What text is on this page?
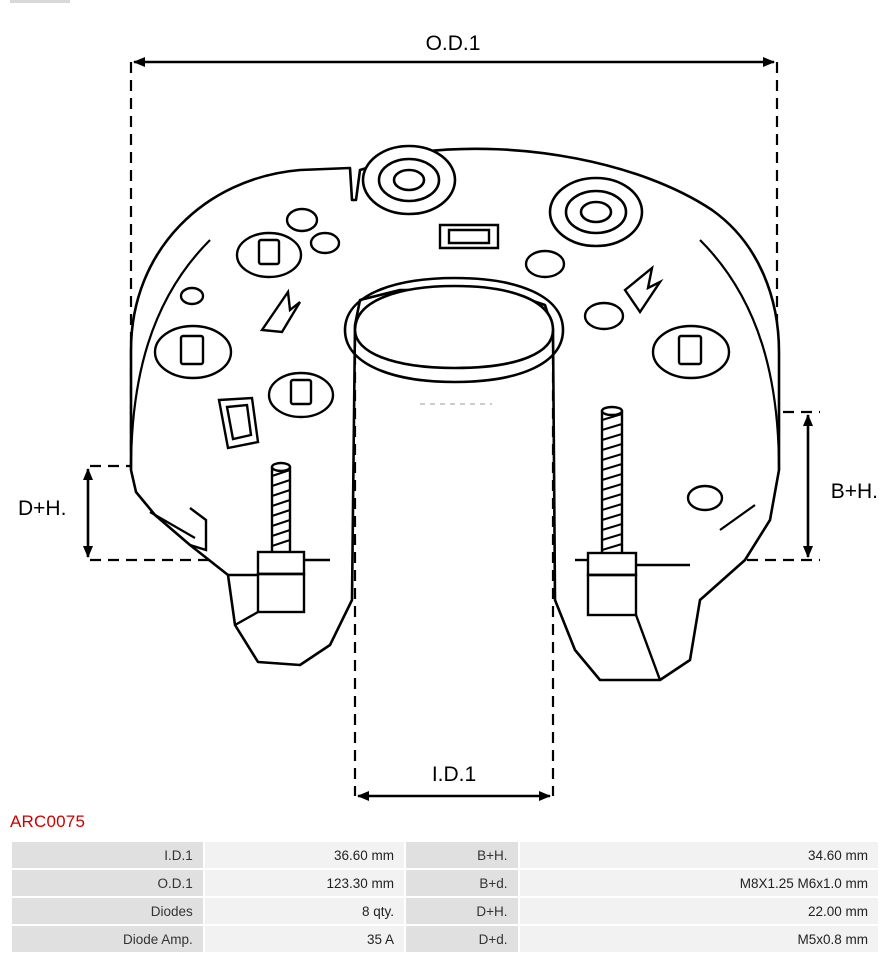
O.D.1
I.D.1
B+H.
D+H.
ARC0075
I.D.1	36.60 mm	B+H.	34.60 mm
O.D.1	123.30 mm	B+d.	M8X1.25 M6x1.0 mm
Diodes	8 qty.	D+H.	22.00 mm
Diode Amp.	35 A	D+d.	M5x0.8 mm
